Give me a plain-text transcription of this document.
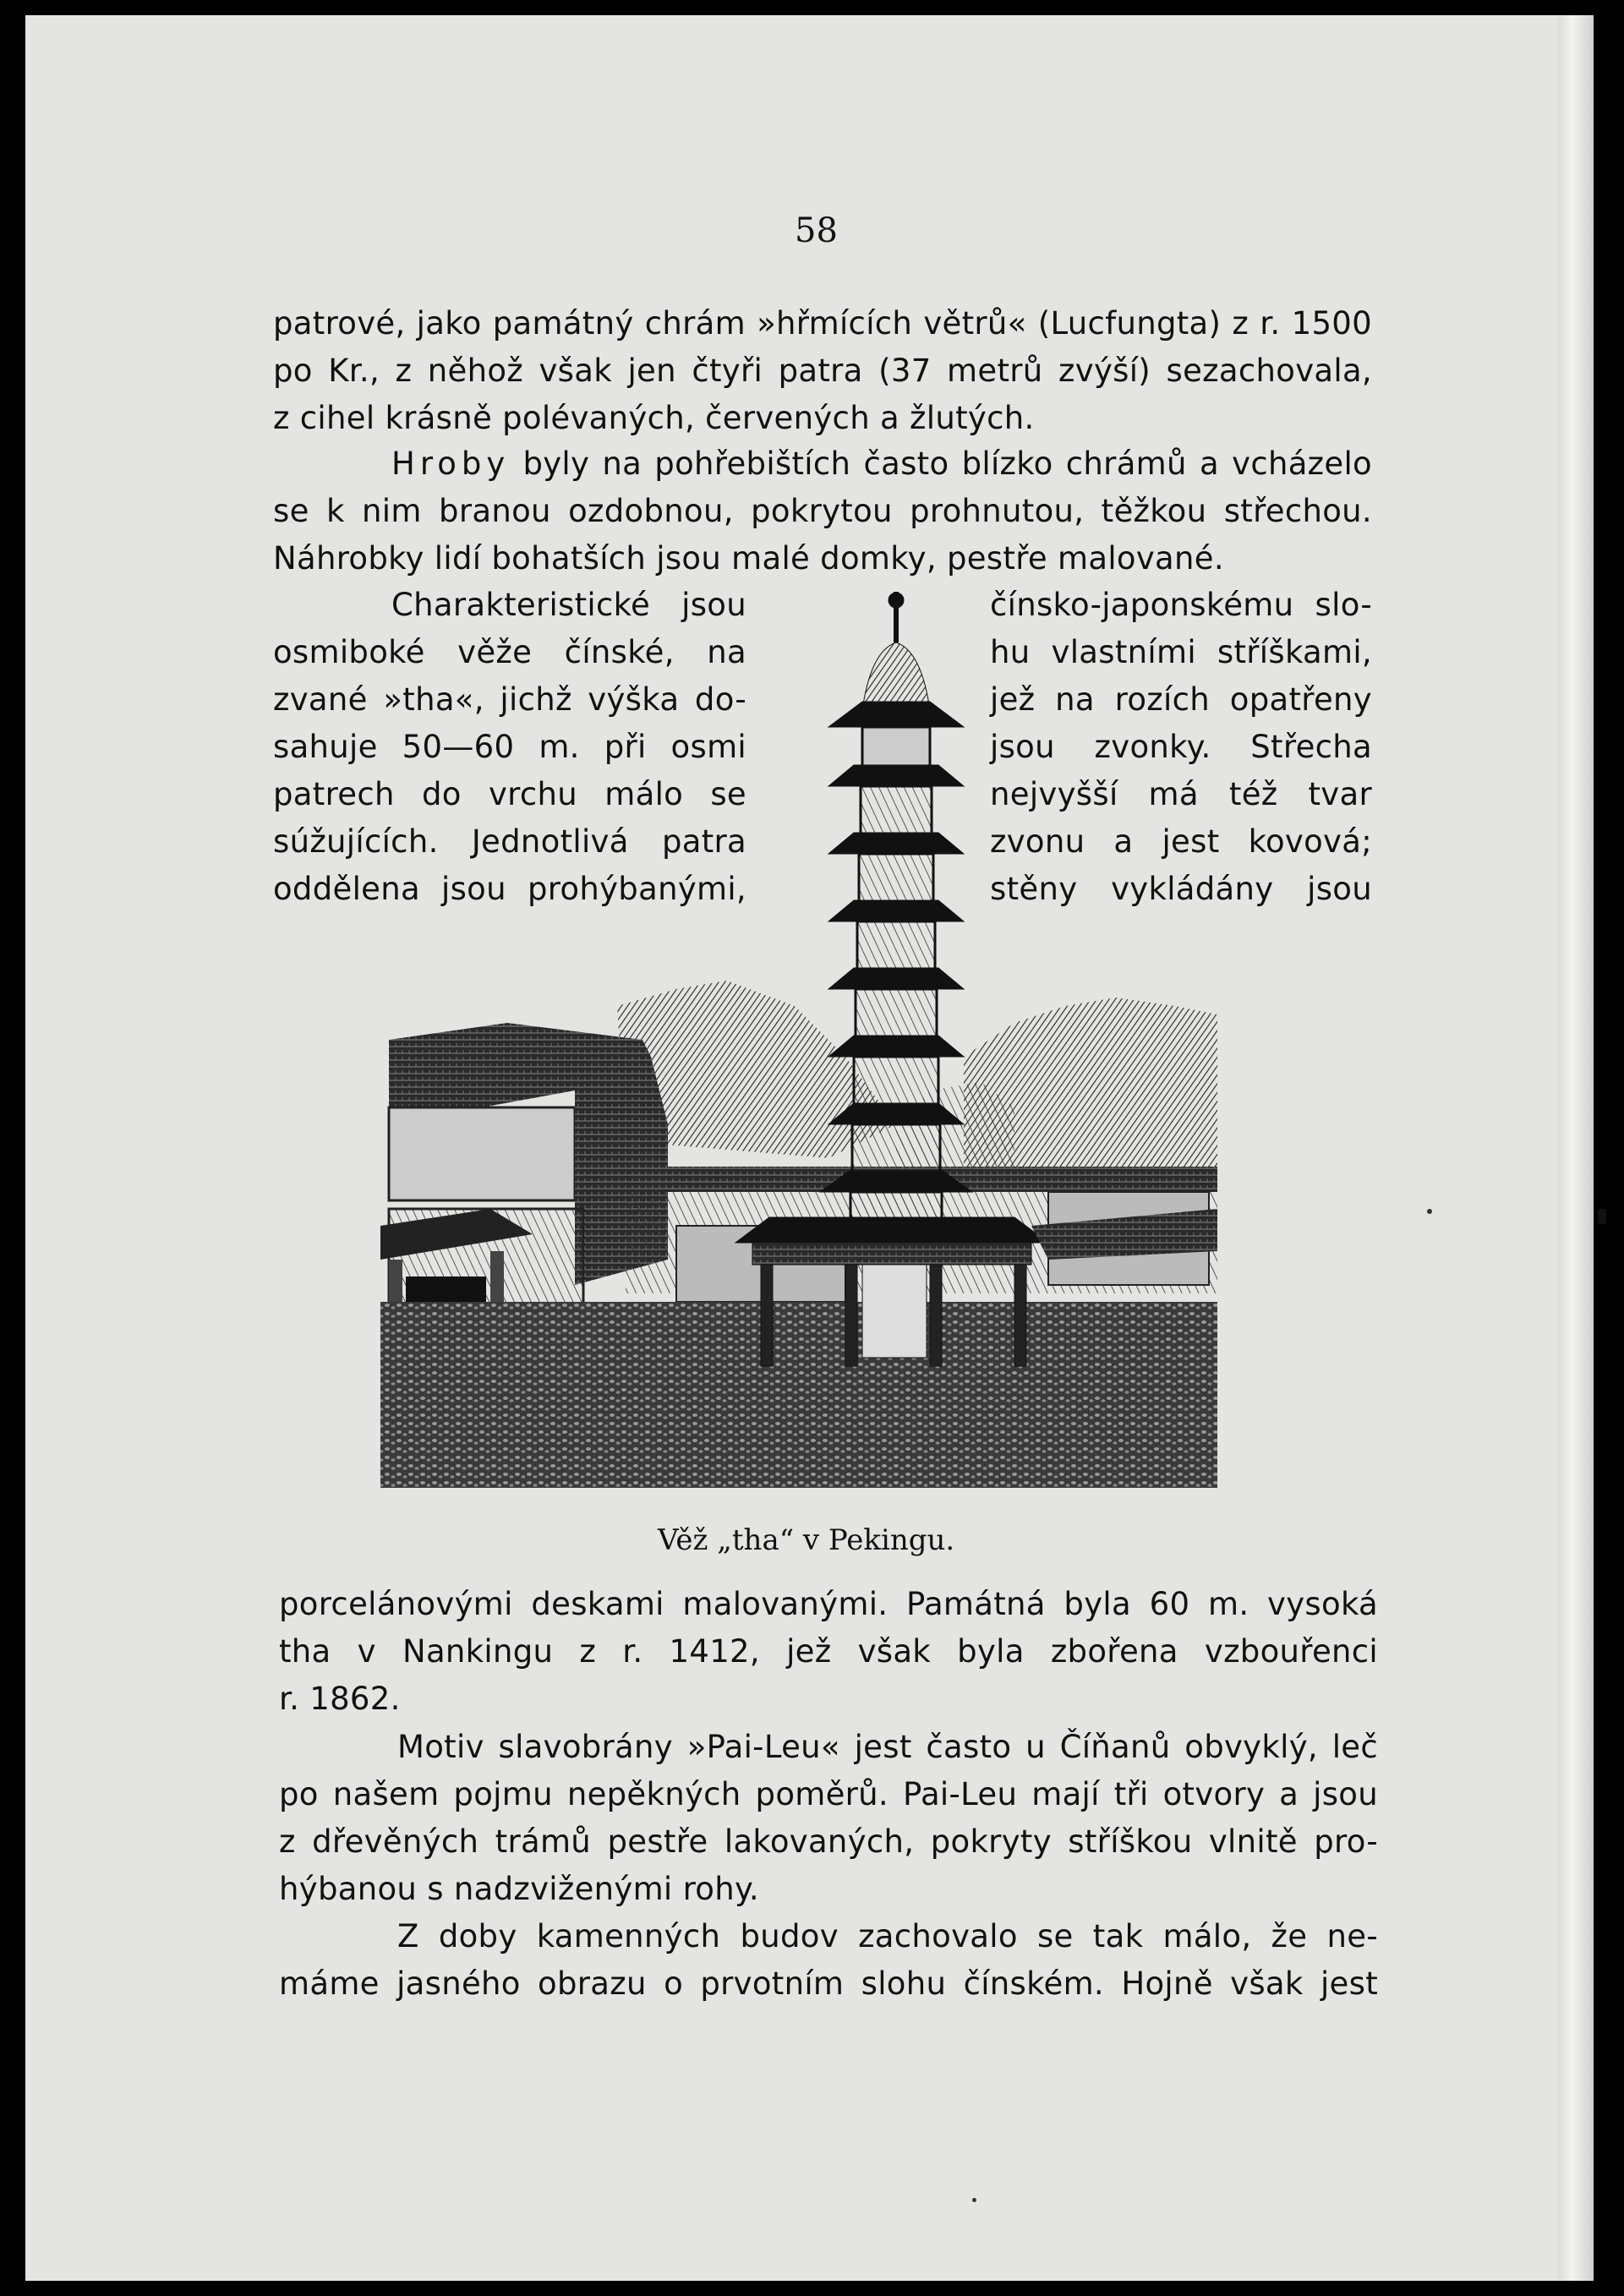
58
patrové, jako památný chrám »hřmících větrů« (Lucfungta) z r. 1500
po Kr., z něhož však jen čtyři patra (37 metrů zvýší) sezachovala,
z cihel krásně polévaných, červených a žlutých.
Hroby byly na pohřebištích často blízko chrámů a vcházelo
se k nim branou ozdobnou, pokrytou prohnutou, těžkou střechou.
Náhrobky lidí bohatších jsou malé domky, pestře malované.
Charakteristické jsou
osmiboké věže čínské, na
zvané »tha«, jichž výška do-
sahuje 50—60 m. při osmi
patrech do vrchu málo se
súžujících. Jednotlivá patra
oddělena jsou prohýbanými,
čínsko-japonskému slo-
hu vlastními stříškami,
jež na rozích opatřeny
jsou zvonky. Střecha
nejvyšší má též tvar
zvonu a jest kovová;
stěny vykládány jsou
Věž „tha“ v Pekingu.
porcelánovými deskami malovanými. Památná byla 60 m. vysoká
tha v Nankingu z r. 1412, jež však byla zbořena vzbouřenci
r. 1862.
Motiv slavobrány »Pai-Leu« jest často u Číňanů obvyklý, leč
po našem pojmu nepěkných poměrů. Pai-Leu mají tři otvory a jsou
z dřevěných trámů pestře lakovaných, pokryty stříškou vlnitě pro-
hýbanou s nadzviženými rohy.
Z doby kamenných budov zachovalo se tak málo, že ne-
máme jasného obrazu o prvotním slohu čínském. Hojně však jest
